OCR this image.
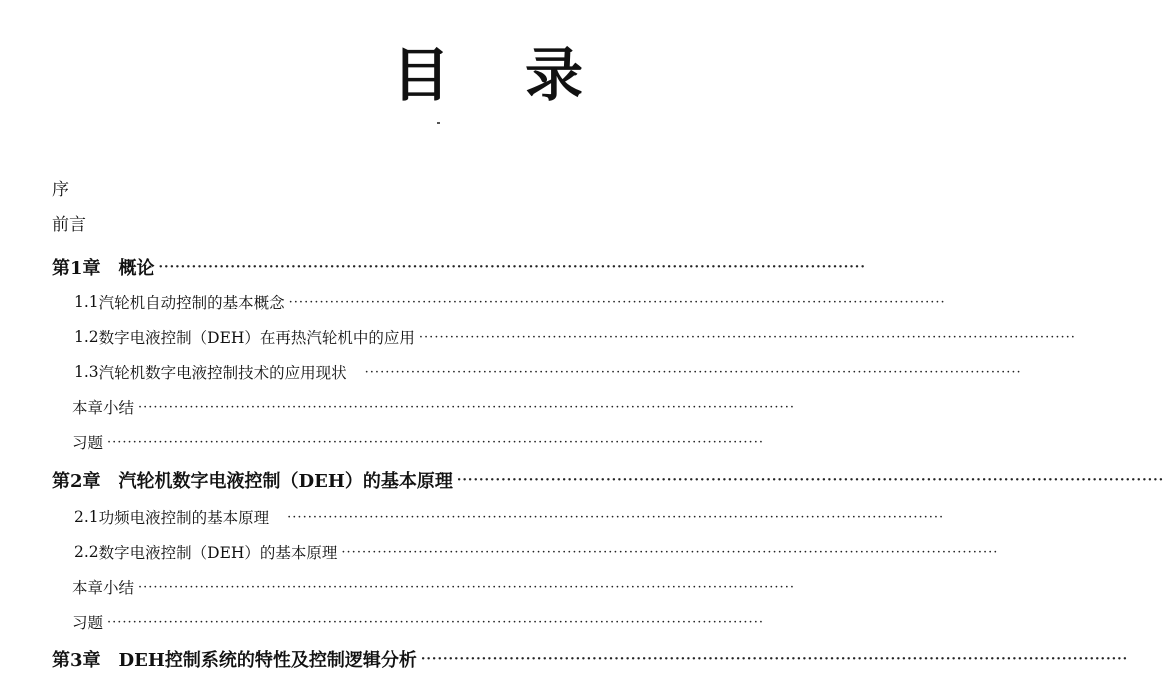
目 录
序
前言
第1章 概论 ································································································································
1.1 汽轮机自动控制的基本概念 ································································································································
1.2 数字电液控制（DEH）在再热汽轮机中的应用 ································································································································
1.3 汽轮机数字电液控制技术的应用现状 ································································································································
本章小结 ································································································································
习题 ································································································································
第2章 汽轮机数字电液控制（DEH）的基本原理 ································································································································
2.1 功频电液控制的基本原理 ································································································································
2.2 数字电液控制（DEH）的基本原理 ································································································································
本章小结 ································································································································
习题 ································································································································
第3章 DEH控制系统的特性及控制逻辑分析 ································································································································
